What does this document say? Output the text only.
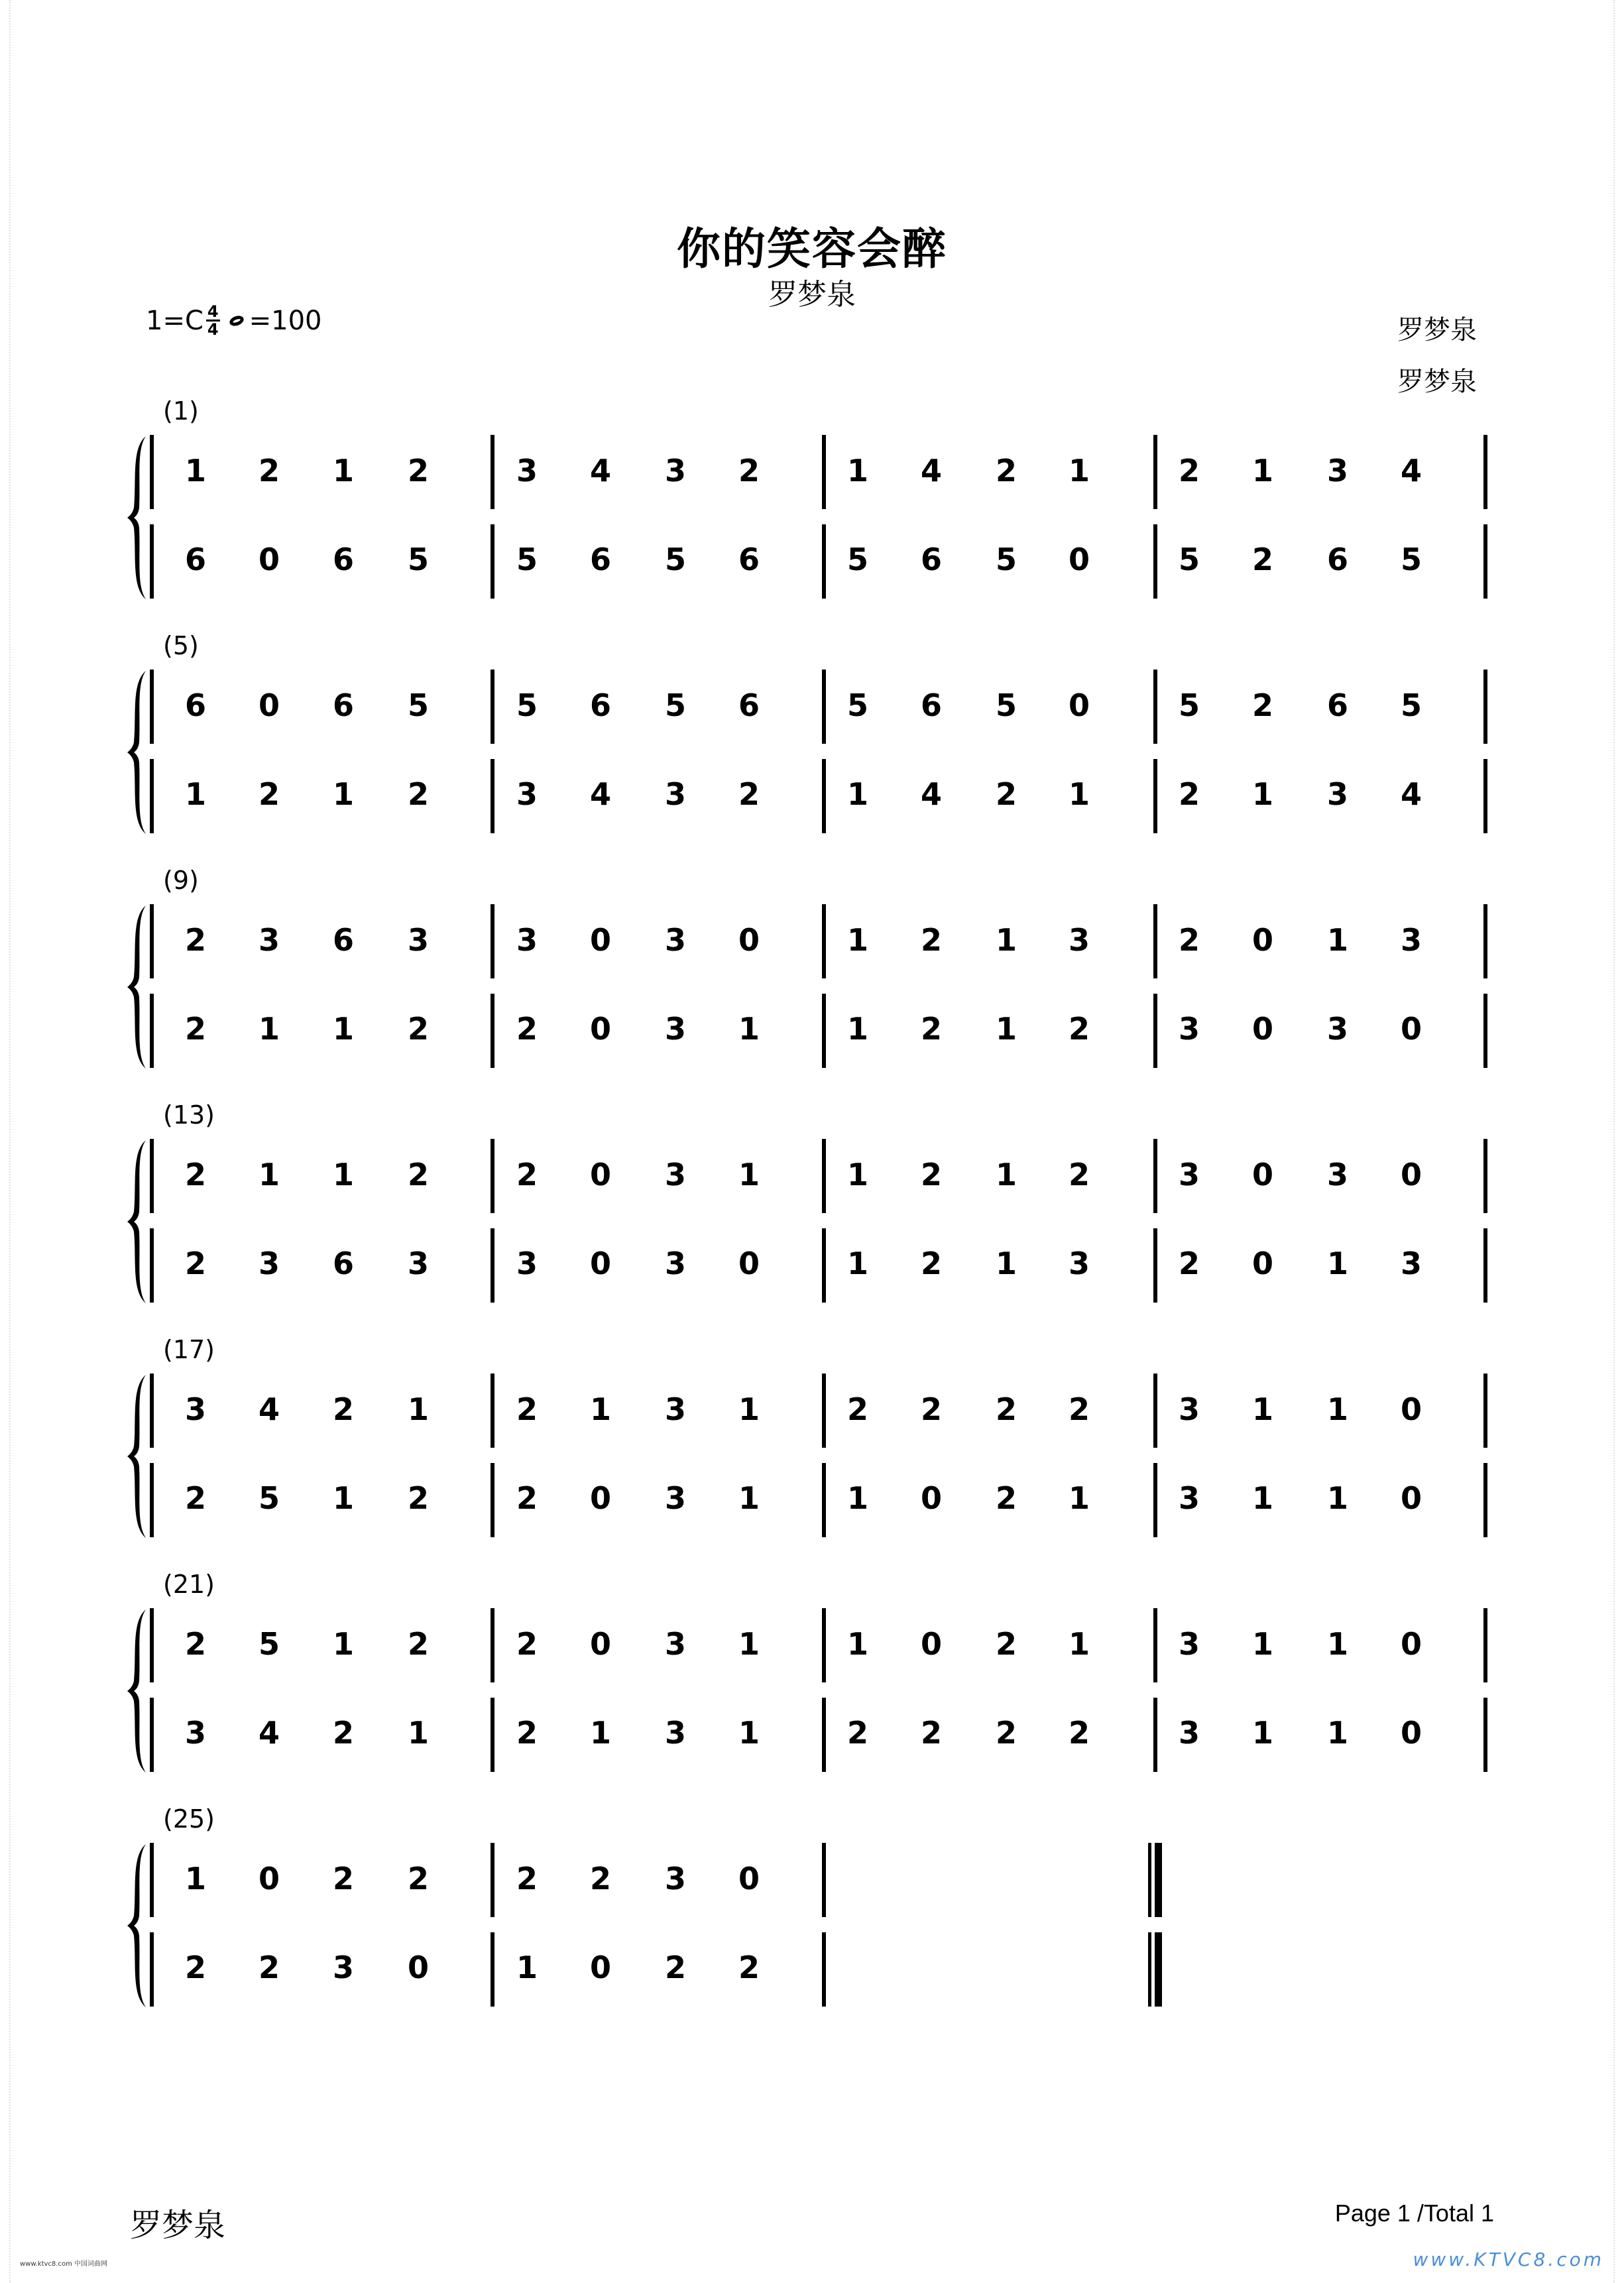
你的笑容会醉
罗梦泉
罗梦泉
罗梦泉
$1=C \frac{4}{4} =100$
(1)
1	2	1	2	3	4	3	2	1	4	2	1	2	1	3	4
6	0	6	5	5	6	5	6	5	6	5	0	5	2	6	5
(5)
6	0	6	5	5	6	5	6	5	6	5	0	5	2	6	5
1	2	1	2	3	4	3	2	1	4	2	1	2	1	3	4
(9)
2	3	6	3	3	0	3	0	1	2	1	3	2	0	1	3
2	1	1	2	2	0	3	1	1	2	1	2	3	0	3	0
(13)
2	1	1	2	2	0	3	1	1	2	1	2	3	0	3	0
2	3	6	3	3	0	3	0	1	2	1	3	2	0	1	3
(17)
3	4	2	1	2	1	3	1	2	2	2	2	3	1	1	0
2	5	1	2	2	0	3	1	1	0	2	1	3	1	1	0
(21)
2	5	1	2	2	0	3	1	1	0	2	1	3	1	1	0
3	4	2	1	2	1	3	1	2	2	2	2	3	1	1	0
(25)
1	0	2	2	2	2	3	0
2	2	3	0	1	0	2	2
罗梦泉	Page 1 /Total 1
www.ktvc8.com 中国词曲网	www.KTVC8.com
